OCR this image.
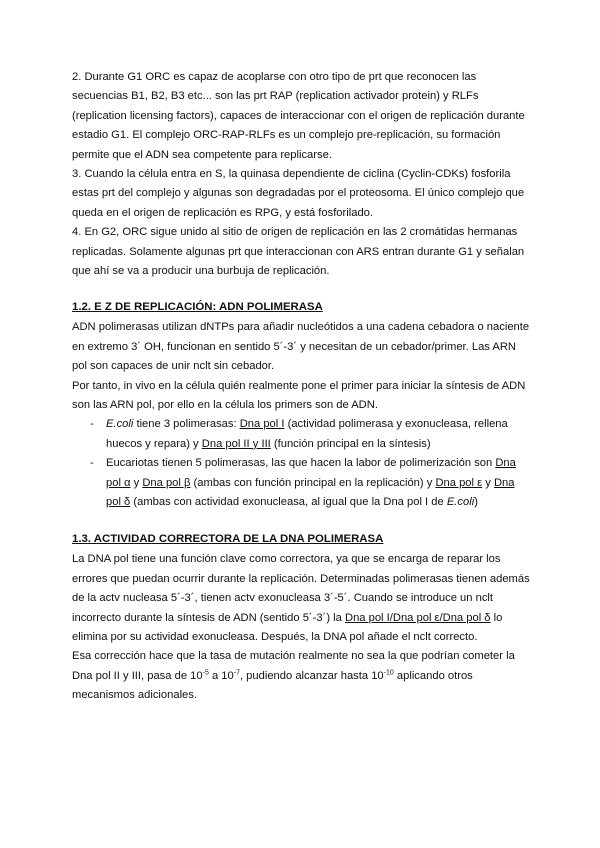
2. Durante G1 ORC es capaz de acoplarse con otro tipo de prt que reconocen las secuencias B1, B2, B3 etc... son las prt RAP (replication activador protein) y RLFs (replication licensing factors), capaces de interaccionar con el origen de replicación durante estadio G1. El complejo ORC-RAP-RLFs es un complejo pre-replicación, su formación permite que el ADN sea competente para replicarse.

3. Cuando la célula entra en S, la quinasa dependiente de ciclina (Cyclin-CDKs) fosforila estas prt del complejo y algunas son degradadas por el proteosoma. El único complejo que queda en el origen de replicación es RPG, y está fosforilado.

4. En G2, ORC sigue unido al sitio de origen de replicación en las 2 cromátidas hermanas replicadas. Solamente algunas prt que interaccionan con ARS entran durante G1 y señalan que ahí se va a producir una burbuja de replicación.

1.2. E Z DE REPLICACIÓN: ADN POLIMERASA

ADN polimerasas utilizan dNTPs para añadir nucleótidos a una cadena cebadora o naciente en extremo 3´ OH, funcionan en sentido 5´-3´ y necesitan de un cebador/primer. Las ARN pol son capaces de unir nclt sin cebador.

Por tanto, in vivo en la célula quién realmente pone el primer para iniciar la síntesis de ADN son las ARN pol, por ello en la célula los primers son de ADN.

- E.coli tiene 3 polimerasas: Dna pol I (actividad polimerasa y exonucleasa, rellena huecos y repara) y Dna pol II y III (función principal en la síntesis)
- Eucariotas tienen 5 polimerasas, las que hacen la labor de polimerización son Dna pol α y Dna pol β (ambas con función principal en la replicación) y Dna pol ε y Dna pol δ (ambas con actividad exonucleasa, al igual que la Dna pol I de E.coli)
1.3. ACTIVIDAD CORRECTORA DE LA DNA POLIMERASA

La DNA pol tiene una función clave como correctora, ya que se encarga de reparar los errores que puedan ocurrir durante la replicación. Determinadas polimerasas tienen además de la actv nucleasa 5´-3´, tienen actv exonucleasa 3´-5´. Cuando se introduce un nclt incorrecto durante la síntesis de ADN (sentido 5´-3´) la Dna pol I/Dna pol ε/Dna pol δ lo elimina por su actividad exonucleasa. Después, la DNA pol añade el nclt correcto.

Esa corrección hace que la tasa de mutación realmente no sea la que podrían cometer la Dna pol II y III, pasa de $10^{-5}$ a $10^{-7}$, pudiendo alcanzar hasta $10^{-10}$ aplicando otros mecanismos adicionales.
